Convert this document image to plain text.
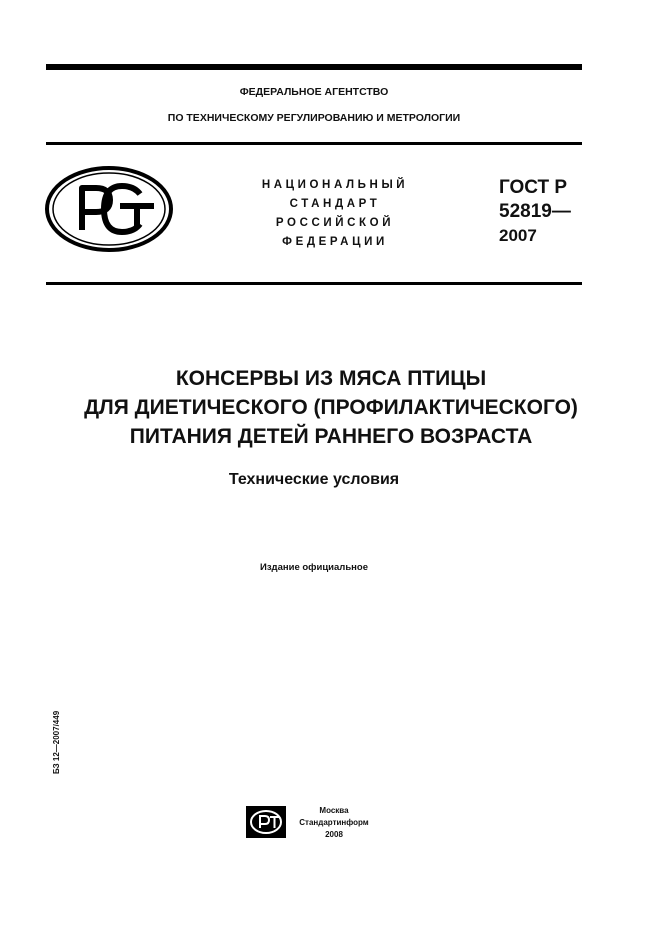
ФЕДЕРАЛЬНОЕ АГЕНТСТВО
ПО ТЕХНИЧЕСКОМУ РЕГУЛИРОВАНИЮ И МЕТРОЛОГИИ
НАЦИОНАЛЬНЫЙ
СТАНДАРТ
РОССИЙСКОЙ
ФЕДЕРАЦИИ
ГОСТ Р
52819—
2007
КОНСЕРВЫ ИЗ МЯСА ПТИЦЫ
ДЛЯ ДИЕТИЧЕСКОГО (ПРОФИЛАКТИЧЕСКОГО)
ПИТАНИЯ ДЕТЕЙ РАННЕГО ВОЗРАСТА
Технические условия
Издание официальное
БЗ 12—2007/449
Москва
Стандартинформ
2008
